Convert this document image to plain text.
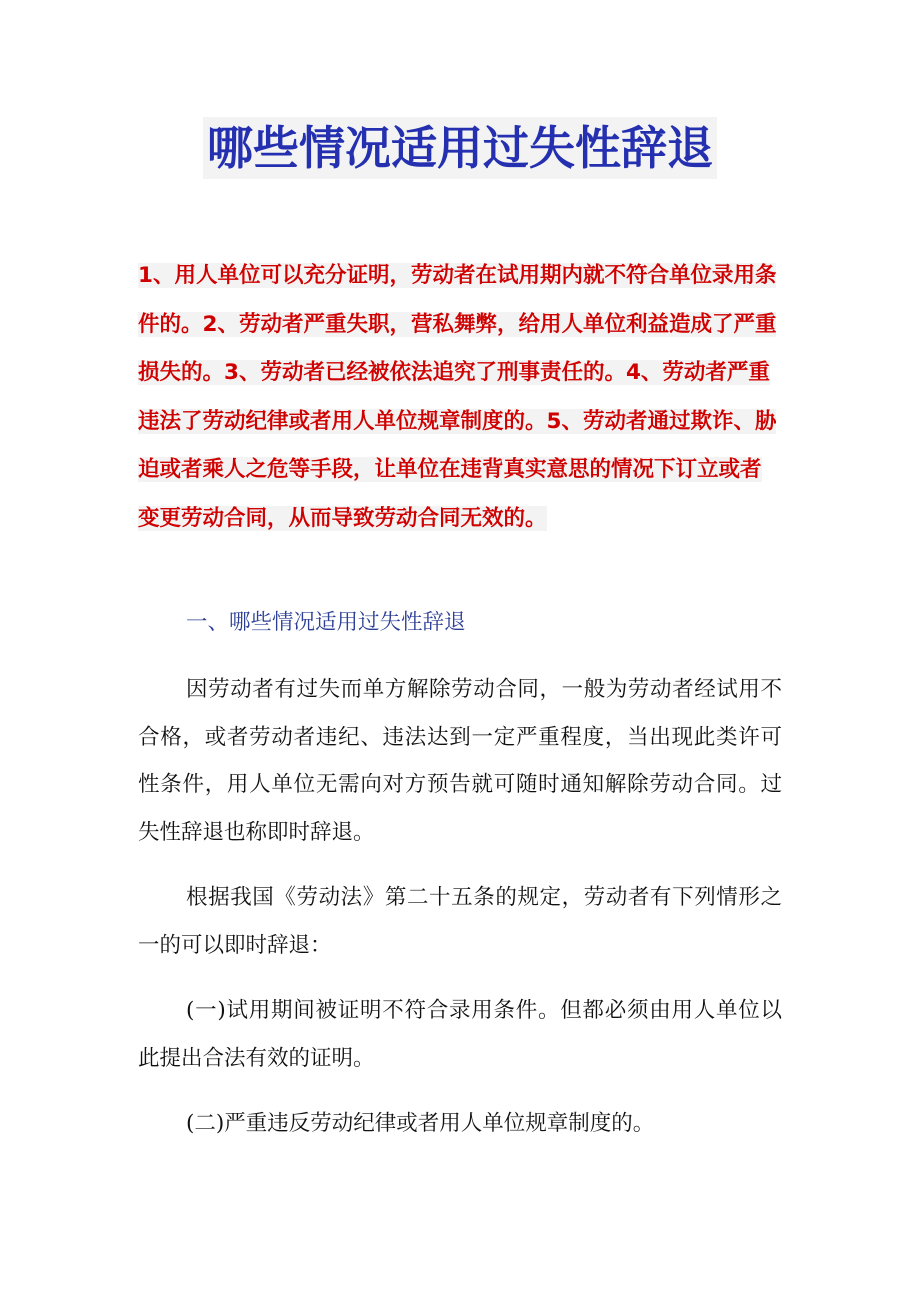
哪些情况适用过失性辞退

1、用人单位可以充分证明，劳动者在试用期内就不符合单位录用条件的。2、劳动者严重失职，营私舞弊，给用人单位利益造成了严重损失的。3、劳动者已经被依法追究了刑事责任的。4、劳动者严重违法了劳动纪律或者用人单位规章制度的。5、劳动者通过欺诈、胁迫或者乘人之危等手段，让单位在违背真实意思的情况下订立或者变更劳动合同，从而导致劳动合同无效的。

一、哪些情况适用过失性辞退

因劳动者有过失而单方解除劳动合同，一般为劳动者经试用不合格，或者劳动者违纪、违法达到一定严重程度，当出现此类许可性条件，用人单位无需向对方预告就可随时通知解除劳动合同。过失性辞退也称即时辞退。

根据我国《劳动法》第二十五条的规定，劳动者有下列情形之一的可以即时辞退：

(一)试用期间被证明不符合录用条件。但都必须由用人单位以此提出合法有效的证明。

(二)严重违反劳动纪律或者用人单位规章制度的。
